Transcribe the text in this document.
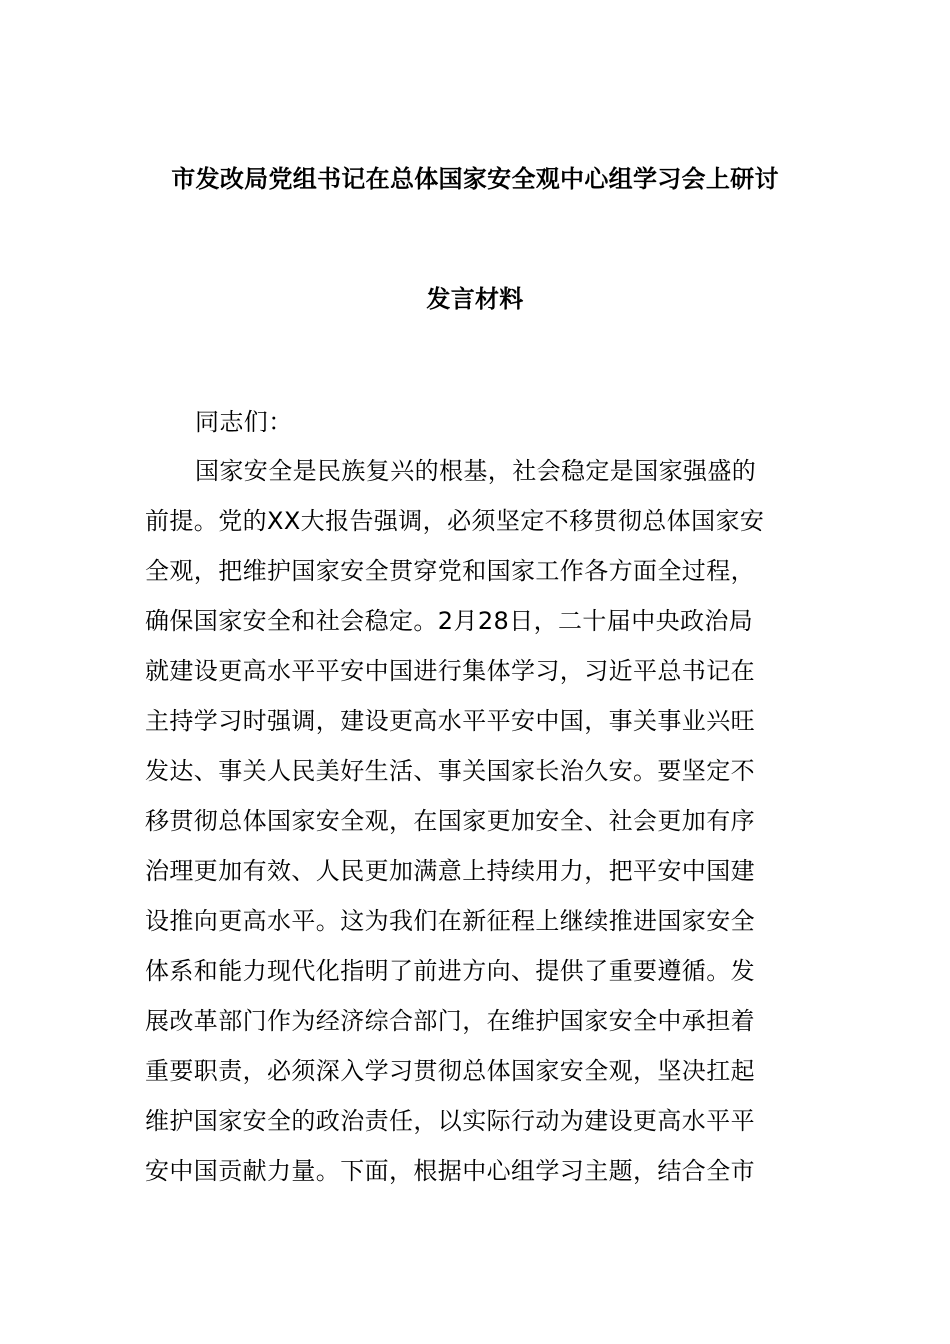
市发改局党组书记在总体国家安全观中心组学习会上研讨
发言材料
同志们：
国家安全是民族复兴的根基，社会稳定是国家强盛的
前提。党的XX大报告强调，必须坚定不移贯彻总体国家安
全观，把维护国家安全贯穿党和国家工作各方面全过程，
确保国家安全和社会稳定。2月28日，二十届中央政治局
就建设更高水平平安中国进行集体学习，习近平总书记在
主持学习时强调，建设更高水平平安中国，事关事业兴旺
发达、事关人民美好生活、事关国家长治久安。要坚定不
移贯彻总体国家安全观，在国家更加安全、社会更加有序
治理更加有效、人民更加满意上持续用力，把平安中国建
设推向更高水平。这为我们在新征程上继续推进国家安全
体系和能力现代化指明了前进方向、提供了重要遵循。发
展改革部门作为经济综合部门，在维护国家安全中承担着
重要职责，必须深入学习贯彻总体国家安全观，坚决扛起
维护国家安全的政治责任，以实际行动为建设更高水平平
安中国贡献力量。下面，根据中心组学习主题，结合全市
